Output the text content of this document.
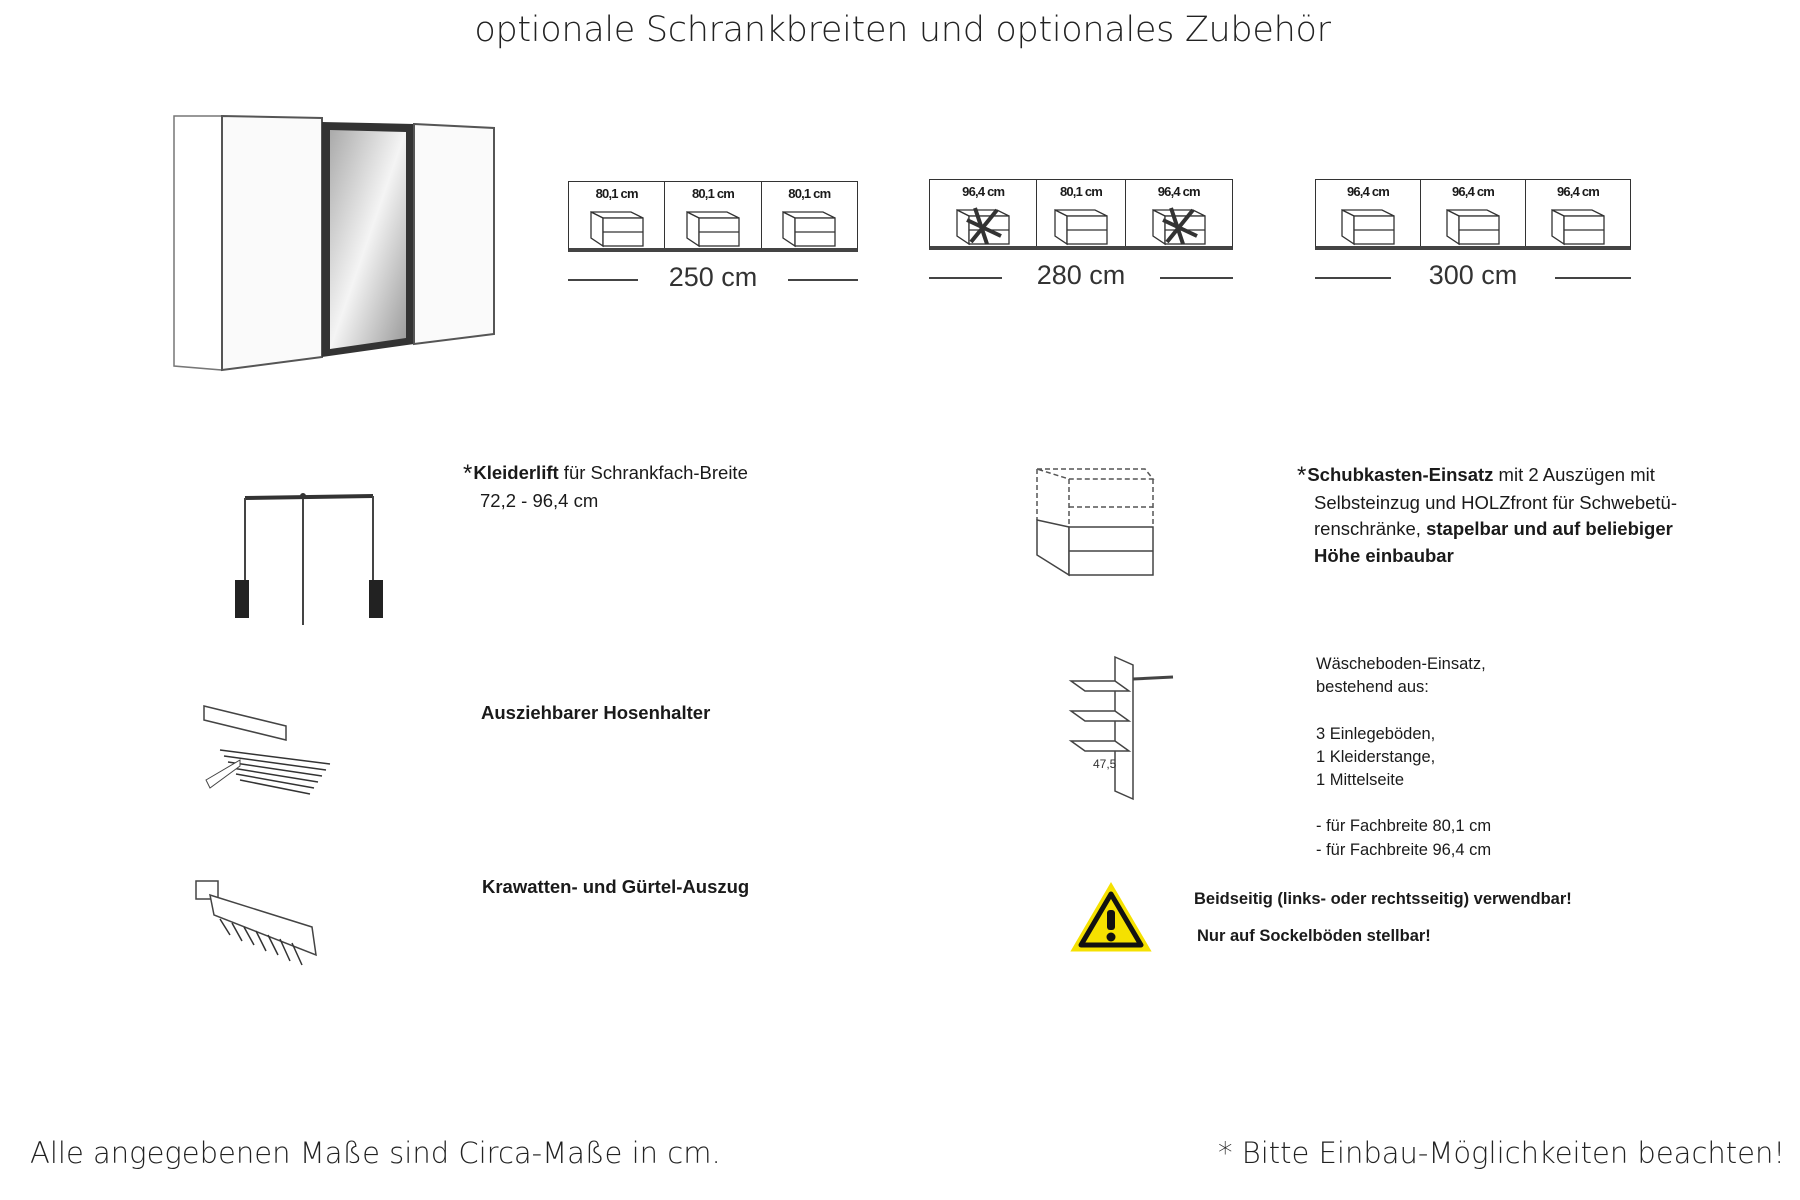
optionale Schrankbreiten und optionales Zubehör
80,1 cm	80,1 cm	80,1 cm
250 cm
96,4 cm	80,1 cm	96,4 cm
280 cm
96,4 cm	96,4 cm	96,4 cm
300 cm
*Kleiderlift für Schrankfach-Breite
72,2 - 96,4 cm
Ausziehbarer Hosenhalter
Krawatten- und Gürtel-Auszug
*Schubkasten-Einsatz mit 2 Auszügen mit
Selbsteinzug und HOLZfront für Schwebetü-
renschränke, stapelbar und auf beliebiger
Höhe einbaubar
47,5
Wäscheboden-Einsatz,
bestehend aus:
3 Einlegeböden,
1 Kleiderstange,
1 Mittelseite
- für Fachbreite 80,1 cm
- für Fachbreite 96,4 cm
Beidseitig (links- oder rechtsseitig) verwendbar!
Nur auf Sockelböden stellbar!
Alle angegebenen Maße sind Circa-Maße in cm.	* Bitte Einbau-Möglichkeiten beachten!
